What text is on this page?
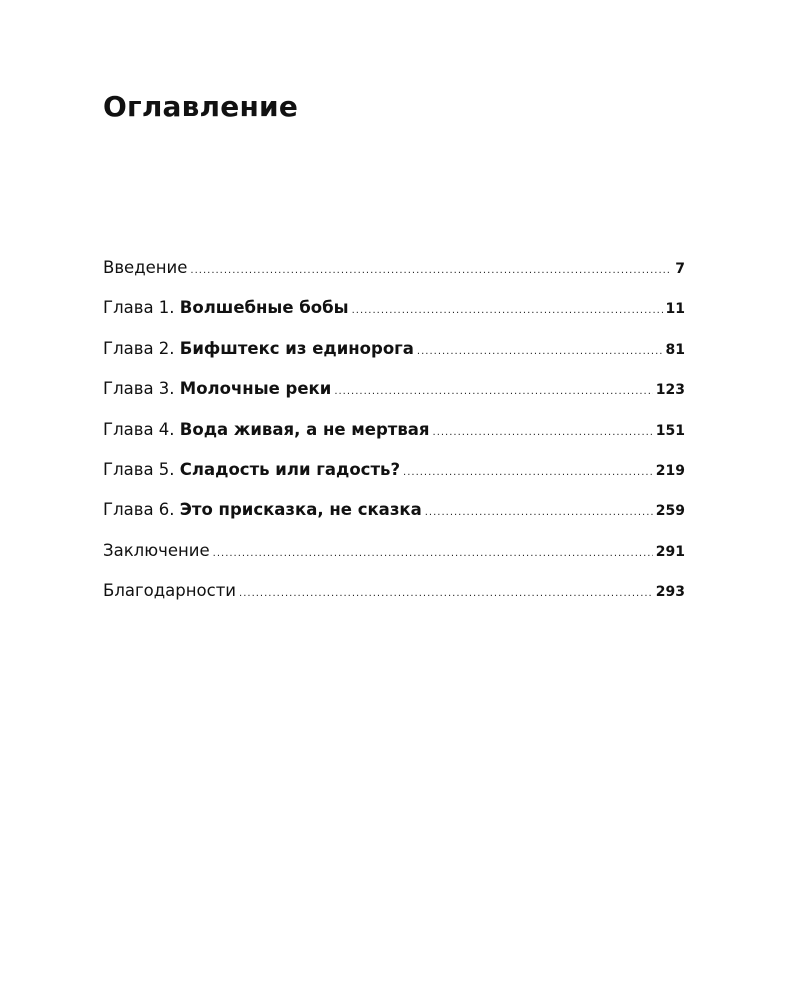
Оглавление
Введение .....	7
Глава 1. Волшебные бобы .....	11
Глава 2. Бифштекс из единорога .....	81
Глава 3. Молочные реки .....	123
Глава 4. Вода живая, а не мертвая .....	151
Глава 5. Сладость или гадость? .....	219
Глава 6. Это присказка, не сказка .....	259
Заключение .....	291
Благодарности .....	293
